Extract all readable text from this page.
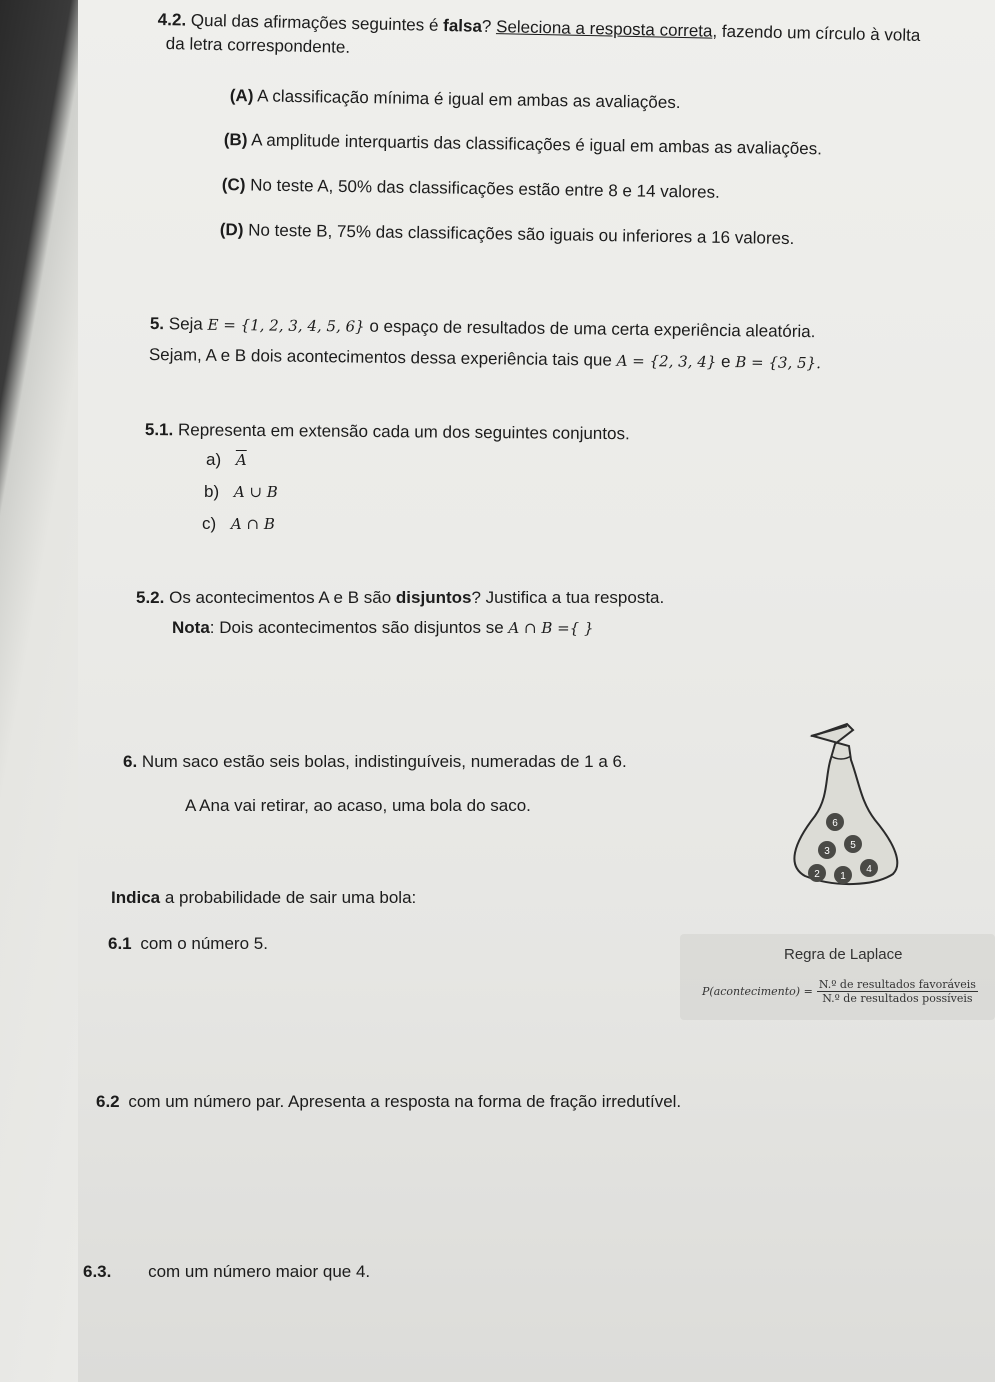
4.2. Qual das afirmações seguintes é falsa? Seleciona a resposta correta, fazendo um círculo à volta
da letra correspondente.
(A) A classificação mínima é igual em ambas as avaliações.
(B) A amplitude interquartis das classificações é igual em ambas as avaliações.
(C) No teste A, 50% das classificações estão entre 8 e 14 valores.
(D) No teste B, 75% das classificações são iguais ou inferiores a 16 valores.
5. Seja E = {1, 2, 3, 4, 5, 6} o espaço de resultados de uma certa experiência aleatória.
Sejam, A e B dois acontecimentos dessa experiência tais que A = {2, 3, 4} e B = {3, 5}.
5.1. Representa em extensão cada um dos seguintes conjuntos.
a) $\overline{A}$
b) A ∪ B
c) A ∩ B
5.2. Os acontecimentos A e B são disjuntos? Justifica a tua resposta.
Nota: Dois acontecimentos são disjuntos se A ∩ B ={ }
6. Num saco estão seis bolas, indistinguíveis, numeradas de 1 a 6.
A Ana vai retirar, ao acaso, uma bola do saco.
6
3
5
2 1
4
Indica a probabilidade de sair uma bola:
6.1 com o número 5.
Regra de Laplace
P(acontecimento) = $\frac{\text{N.º de resultados favoráveis}}{\text{N.º de resultados possíveis}}$
6.2 com um número par. Apresenta a resposta na forma de fração irredutível.
6.3. com um número maior que 4.
